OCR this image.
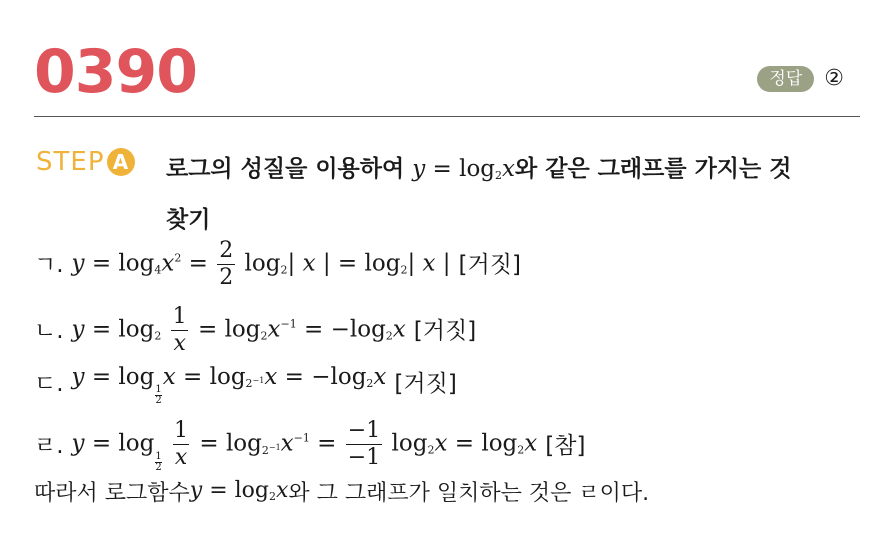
0390	정답	②
STEP A 로그의 성질을 이용하여 $y = \log_2x$와 같은 그래프를 가지는 것
찾기
ㄱ. $y = \log_4x^2 = \frac{2}{2} \log_2|$ x | = $\log_2|$ x | [거짓]
ㄴ. $y = \log_2 \frac{1}{x} = \log_2x^{-1} = -\log_2x$ [거짓]
ㄷ. y = log
$\frac{1}{2}$
$x = \log_{2^{-1}}x = -\log_2x$ [거짓]
ㄹ. y = log
$\frac{1}{2}$
$\frac{1}{x} = \log_{2^{-1}}x^{-1} = \frac{-1}{-1} \log_2x = \log_2x$ [참]
따라서 로그함수 $y = \log_2x$ 와 그 그래프가 일치하는 것은 ㄹ이다.
